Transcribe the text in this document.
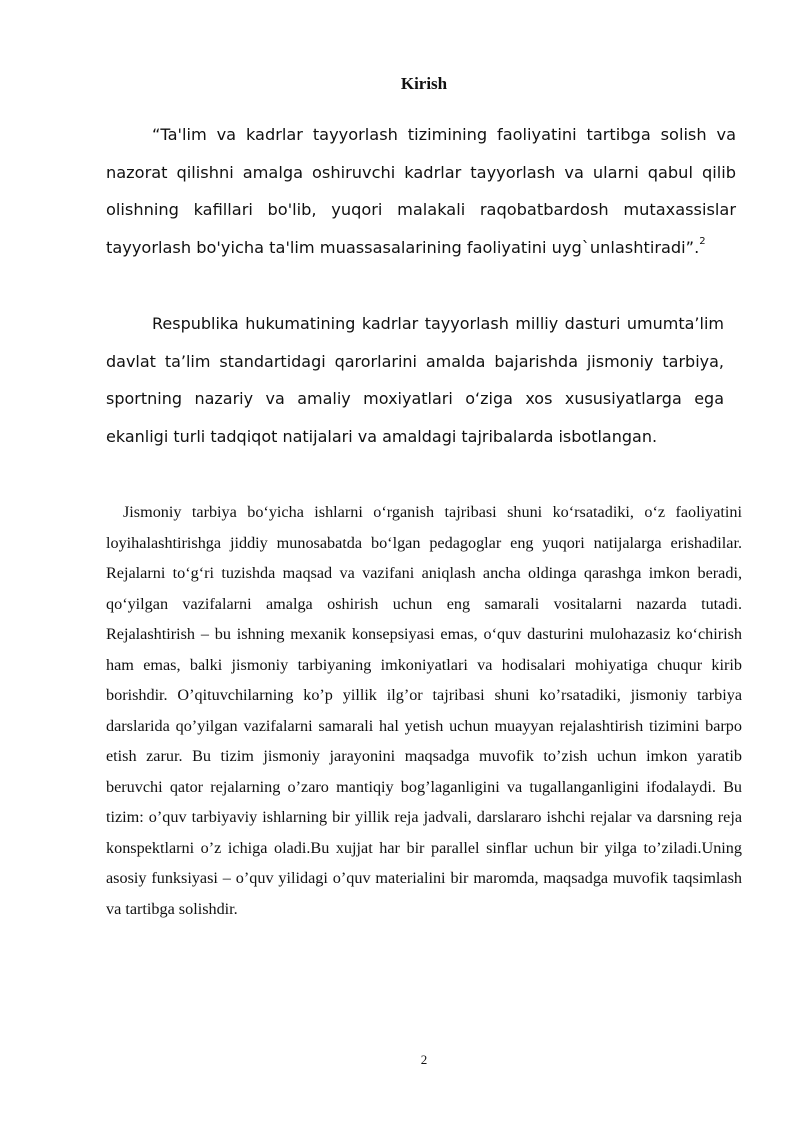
Kirish

“Ta'lim va kadrlar tayyorlash tizimining faoliyatini tartibga solish va nazorat qilishni amalga oshiruvchi kadrlar tayyorlash va ularni qabul qilib olishning kafillari bo'lib, yuqori malakali raqobatbardosh mutaxassislar tayyorlash bo'yicha ta'lim muassasalarining faoliyatini uyg`unlashtiradi”.$^2$

Respublika hukumatining kadrlar tayyorlash milliy dasturi umumta’lim davlat ta’lim standartidagi qarorlarini amalda bajarishda jismoniy tarbiya, sportning nazariy va amaliy moxiyatlari o‘ziga xos xususiyatlarga ega ekanligi turli tadqiqot natijalari va amaldagi tajribalarda isbotlangan.

Jismoniy tarbiya bo‘yicha ishlarni o‘rganish tajribasi shuni ko‘rsatadiki, o‘z faoliyatini loyihalashtirishga jiddiy munosabatda bo‘lgan pedagoglar eng yuqori natijalarga erishadilar. Rejalarni to‘g‘ri tuzishda maqsad va vazifani aniqlash ancha oldinga qarashga imkon beradi, qo‘yilgan vazifalarni amalga oshirish uchun eng samarali vositalarni nazarda tutadi. Rejalashtirish – bu ishning mexanik konsepsiyasi emas, o‘quv dasturini mulohazasiz ko‘chirish ham emas, balki jismoniy tarbiyaning imkoniyatlari va hodisalari mohiyatiga chuqur kirib borishdir. O’qituvchilarning ko’p yillik ilg’or tajribasi shuni ko’rsatadiki, jismoniy tarbiya darslarida qo’yilgan vazifalarni samarali hal yetish uchun muayyan rejalashtirish tizimini barpo etish zarur. Bu tizim jismoniy jarayonini maqsadga muvofik to’zish uchun imkon yaratib beruvchi qator rejalarning o’zaro mantiqiy bog’laganligini va tugallanganligini ifodalaydi. Bu tizim: o’quv tarbiyaviy ishlarning bir yillik reja jadvali, darslararo ishchi rejalar va darsning reja konspektlarni o’z ichiga oladi.Bu xujjat har bir parallel sinflar uchun bir yilga to’ziladi.Uning asosiy funksiyasi – o’quv yilidagi o’quv materialini bir maromda, maqsadga muvofik taqsimlash va tartibga solishdir.

2
